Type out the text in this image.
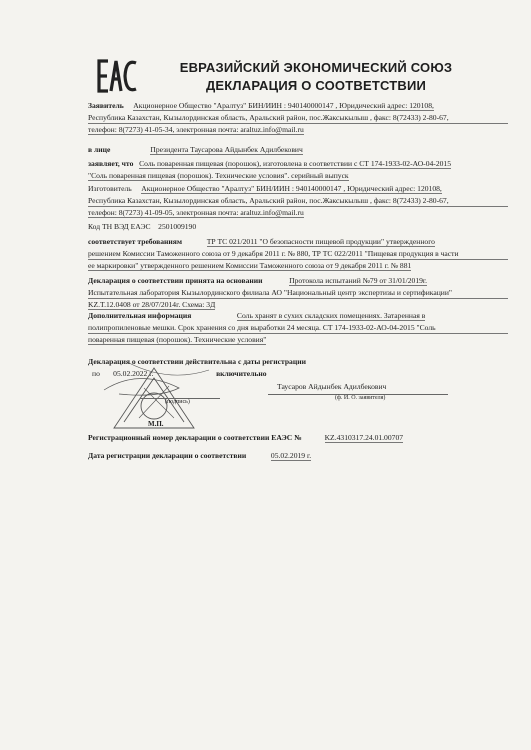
ЕВРАЗИЙСКИЙ ЭКОНОМИЧЕСКИЙ СОЮЗ
ДЕКЛАРАЦИЯ О СООТВЕТСТВИИ
Заявитель Акционерное Общество "Аралтуз" БИН/ИИН : 940140000147 , Юридический адрес: 120108,
Республика Казахстан, Кызылординская область, Аральский район, пос.Жаксыкылыш , факс: 8(72433) 2-80-67,
телефон: 8(7273) 41-05-34, электронная почта: araltuz.info@mail.ru
в лице	Президента Таусарова Айдынбек Адилбекович
заявляет, что Соль поваренная пищевая (порошок), изготовлена в соответствии с СТ 174-1933-02-АО-04-2015
"Соль поваренная пищевая (порошок). Технические условия". серийный выпуск
Изготовитель Акционерное Общество "Аралтуз" БИН/ИИН : 940140000147 , Юридический адрес: 120108,
Республика Казахстан, Кызылординская область, Аральский район, пос.Жаксыкылыш , факс: 8(72433) 2-80-67,
телефон: 8(7273) 41-09-05, электронная почта: araltuz.info@mail.ru
Код ТН ВЭД ЕАЭС 2501009190
соответствует требованиям	ТР ТС 021/2011 "О безопасности пищевой продукции" утвержденного
решением Комиссии Таможенного союза от 9 декабря 2011 г. № 880, ТР ТС 022/2011 "Пищевая продукция в части
ее маркировки" утвержденного решением Комиссии Таможенного союза от 9 декабря 2011 г. № 881
Декларация о соответствии принята на основании	Протокола испытаний №79 от 31/01/2019г.
Испытательная лаборатория Кызылординского филиала АО "Национальный центр экспертизы и сертификации"
KZ.T.12.0408 от 28/07/2014г. Схема: 3Д
Дополнительная информация	Соль хранят в сухих складских помещениях. Затаренная в
полипропиленовые мешки. Срок хранения со дня выработки 24 месяца. СТ 174-1933-02-АО-04-2015 "Соль
поваренная пищевая (порошок). Технические условия"
Декларация о соответствии действительна с даты регистрации
по 05.02.2022 г.	включительно
(подпись)
Таусаров Айдынбек Адилбекович
(ф. И. О. заявителя)
М.П.
Регистрационный номер декларации о соответствии ЕАЭС №	KZ.4310317.24.01.00707
Дата регистрации декларации о соответствии	05.02.2019 г.
